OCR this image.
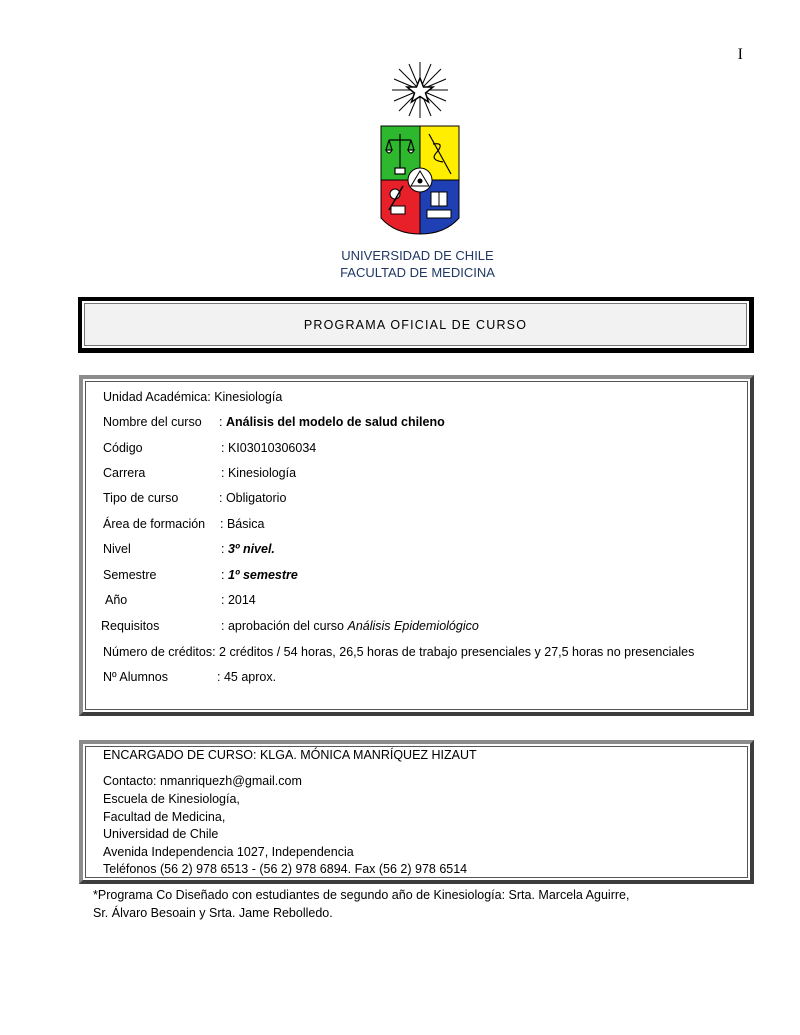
I
UNIVERSIDAD DE CHILE
FACULTAD DE MEDICINA
PROGRAMA OFICIAL DE CURSO
Unidad Académica: Kinesiología
Nombre del curso : Análisis del modelo de salud chileno
Código	: KI03010306034
Carrera	: Kinesiología
Tipo de curso	: Obligatorio
Área de formación : Básica
Nivel	: 3º nivel.
Semestre	: 1º semestre
Año	: 2014
Requisitos	: aprobación del curso Análisis Epidemiológico
Número de créditos: 2 créditos / 54 horas, 26,5 horas de trabajo presenciales y 27,5 horas no presenciales
Nº Alumnos	: 45 aprox.
ENCARGADO DE CURSO: KLGA. MÓNICA MANRÍQUEZ HIZAUT
Contacto: nmanriquezh@gmail.com
Escuela de Kinesiología,
Facultad de Medicina,
Universidad de Chile
Avenida Independencia 1027, Independencia
Teléfonos (56 2) 978 6513 - (56 2) 978 6894. Fax (56 2) 978 6514
*Programa Co Diseñado con estudiantes de segundo año de Kinesiología: Srta. Marcela Aguirre,
Sr. Álvaro Besoain y Srta. Jame Rebolledo.
